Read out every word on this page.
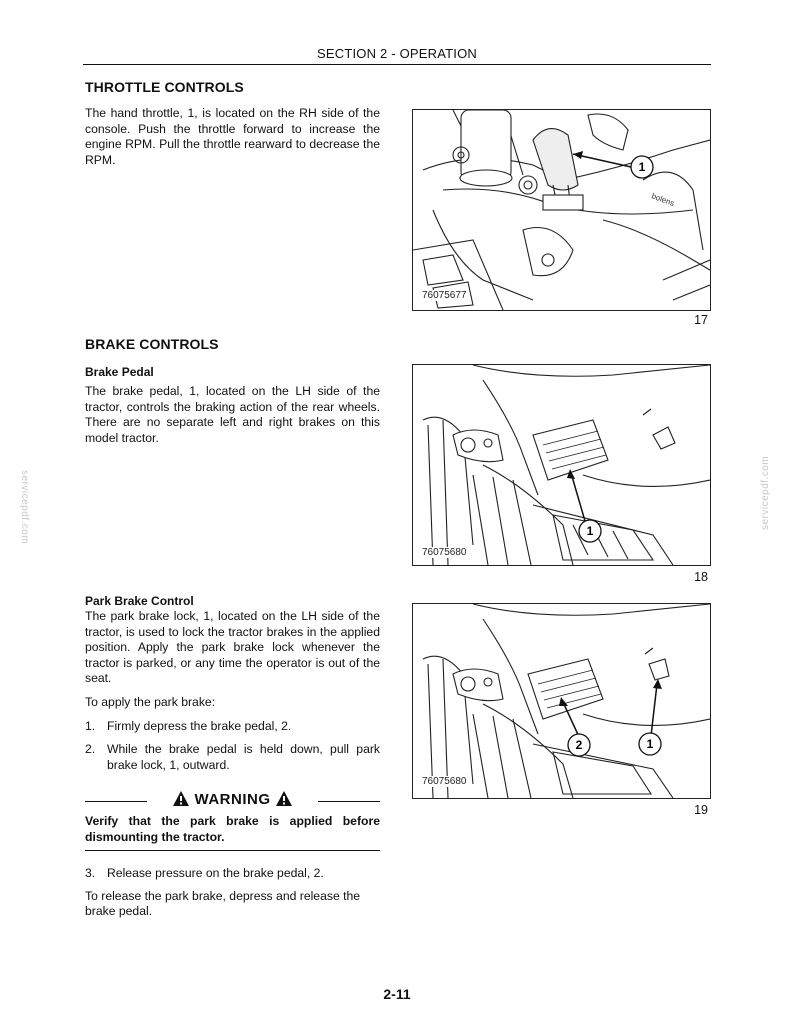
SECTION 2 - OPERATION
THROTTLE CONTROLS

The hand throttle, 1, is located on the RH side of the console. Push the throttle forward to increase the engine RPM. Pull the throttle rearward to decrease the RPM.

bolens
1
76075677
17
BRAKE CONTROLS
Brake Pedal

The brake pedal, 1, located on the LH side of the tractor, controls the braking action of the rear wheels. There are no separate left and right brakes on this model tractor.

1
76075680
18
Park Brake Control

The park brake lock, 1, located on the LH side of the tractor, is used to lock the tractor brakes in the applied position. Apply the park brake lock whenever the tractor is parked, or any time the operator is out of the seat.

To apply the park brake:

1. Firmly depress the brake pedal, 2.
2. While the brake pedal is held down, pull park brake lock, 1, outward.
2	1
76075680
19
WARNING
Verify that the park brake is applied before dismounting the tractor.
3. Release pressure on the brake pedal, 2.

To release the park brake, depress and release the brake pedal.

servicepdf.com	servicepdf.com
2-11
